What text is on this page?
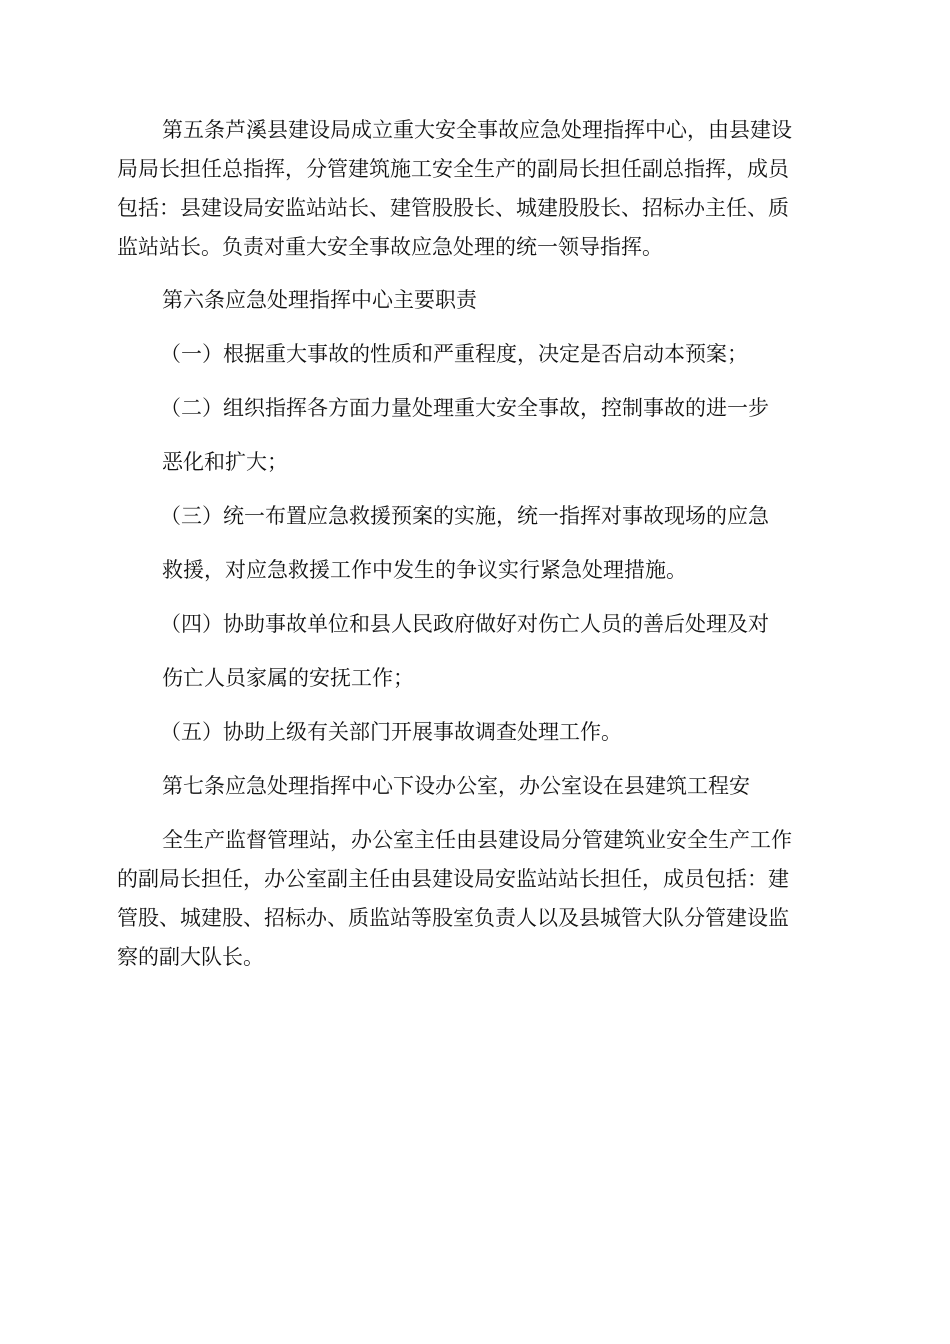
第五条芦溪县建设局成立重大安全事故应急处理指挥中心，由县建设

局局长担任总指挥，分管建筑施工安全生产的副局长担任副总指挥，成员

包括：县建设局安监站站长、建管股股长、城建股股长、招标办主任、质

监站站长。负责对重大安全事故应急处理的统一领导指挥。

第六条应急处理指挥中心主要职责

（一）根据重大事故的性质和严重程度，决定是否启动本预案；

（二）组织指挥各方面力量处理重大安全事故，控制事故的进一步

恶化和扩大；

（三）统一布置应急救援预案的实施，统一指挥对事故现场的应急

救援，对应急救援工作中发生的争议实行紧急处理措施。

（四）协助事故单位和县人民政府做好对伤亡人员的善后处理及对

伤亡人员家属的安抚工作；

（五）协助上级有关部门开展事故调查处理工作。

第七条应急处理指挥中心下设办公室，办公室设在县建筑工程安

全生产监督管理站，办公室主任由县建设局分管建筑业安全生产工作

的副局长担任，办公室副主任由县建设局安监站站长担任，成员包括：建

管股、城建股、招标办、质监站等股室负责人以及县城管大队分管建设监

察的副大队长。
